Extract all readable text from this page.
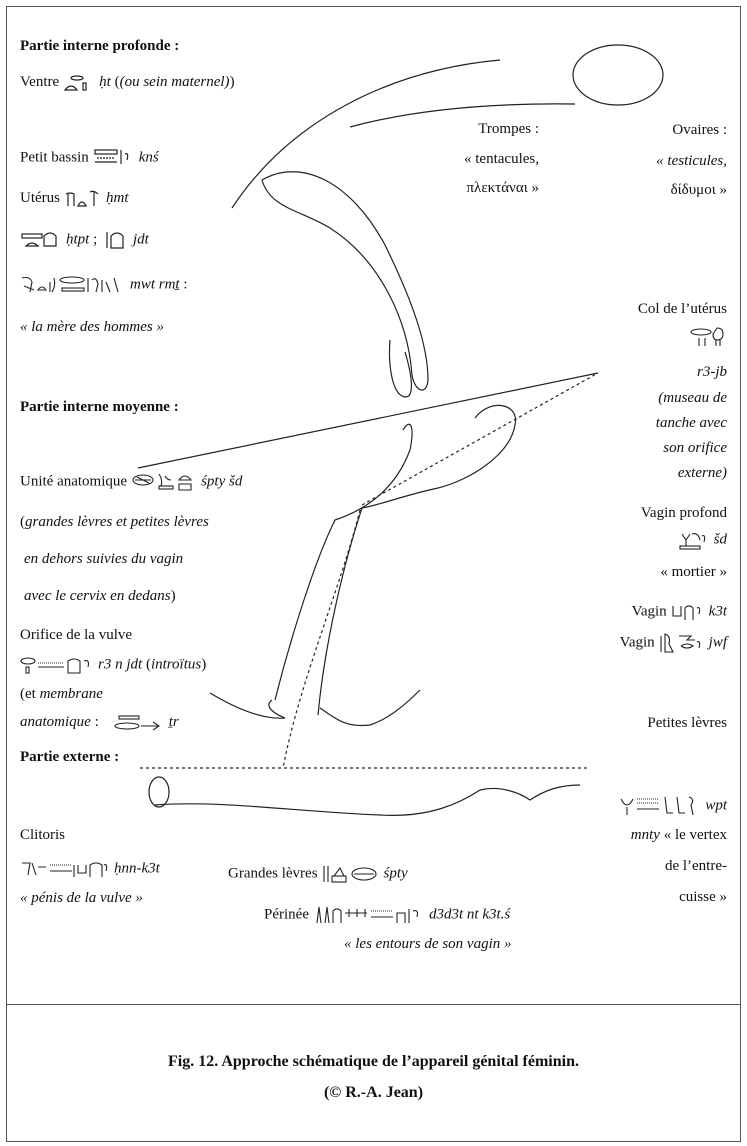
Partie interne profonde :
Ventre	ḥt ((ou sein maternel))
Petit bassin	knś
Utérus	ḥmt
ḥtpt ;
jdt
mwt rmṯ :
« la mère des hommes »
Partie interne moyenne :
Unité anatomique	śpty šd
(grandes lèvres et petites lèvres
en dehors suivies du vagin
avec le cervix en dedans)
Orifice de la vulve
r3 n jdt (introïtus)
(et membrane
anatomique :	ṯr
Partie externe :
Clitoris
ḥnn-k3t
« pénis de la vulve »
Trompes :
« tentacules,
πλεκτάναι »
Grandes lèvres	śpty
Périnée	d3d3t nt k3t.ś
« les entours de son vagin »
Ovaires :
« testicules,
δίδυμοι »
Col de l’utérus
r3-jb
(museau de
tanche avec
son orifice
externe)
Vagin profond
šd
« mortier »
Vagin	k3t
Vagin	jwf
Petites lèvres
wpt
mnty « le vertex
de l’entre-
cuisse »
Fig. 12. Approche schématique de l’appareil génital féminin.
(© R.-A. Jean)
